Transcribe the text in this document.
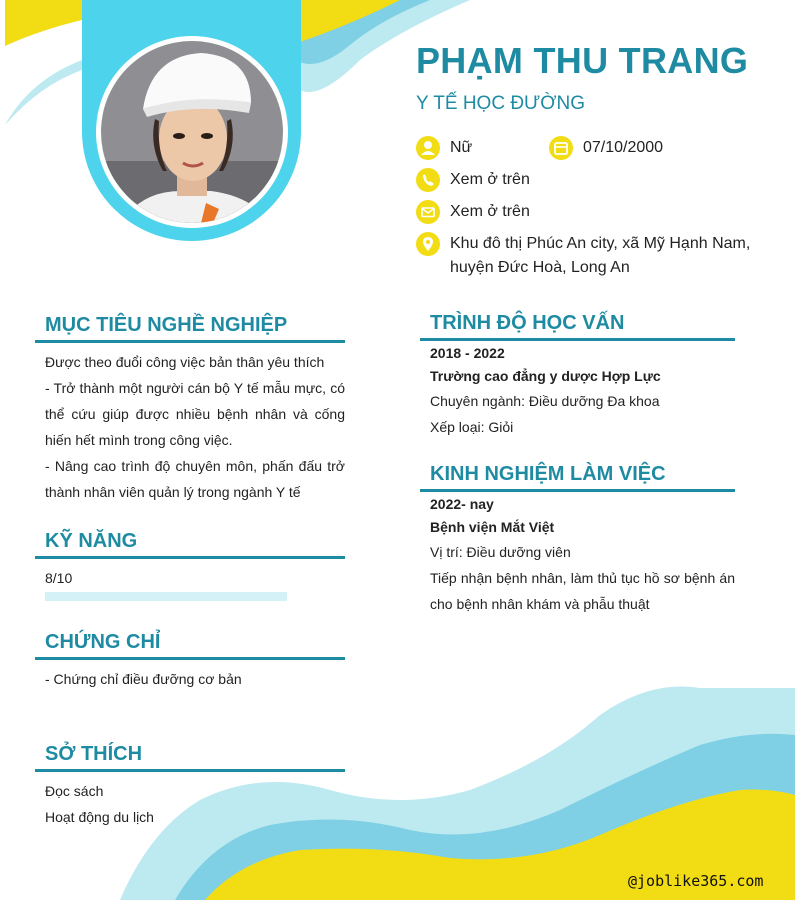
PHẠM THU TRANG
Y TẾ HỌC ĐƯỜNG
Nữ	07/10/2000
Xem ở trên
Xem ở trên
Khu đô thị Phúc An city, xã Mỹ Hạnh Nam,
huyện Đức Hoà, Long An
MỤC TIÊU NGHỀ NGHIỆP

Được theo đuổi công việc bản thân yêu thích

- Trở thành một người cán bộ Y tế mẫu mực, có thể cứu giúp được nhiều bệnh nhân và cống hiến hết mình trong công việc.

- Nâng cao trình độ chuyên môn, phấn đấu trở thành nhân viên quản lý trong ngành Y tế

KỸ NĂNG
8/10
CHỨNG CHỈ
- Chứng chỉ điều đưỡng cơ bản
SỞ THÍCH
Đọc sách
Hoạt động du lịch
TRÌNH ĐỘ HỌC VẤN
2018 - 2022
Trường cao đẳng y dược Hợp Lực
Chuyên ngành: Điều dưỡng Đa khoa
Xếp loại: Giỏi
KINH NGHIỆM LÀM VIỆC
2022- nay
Bệnh viện Mắt Việt
Vị trí: Điều dưỡng viên
Tiếp nhận bệnh nhân, làm thủ tục hồ sơ bệnh án cho bệnh nhân khám và phẫu thuật
@joblike365.com
